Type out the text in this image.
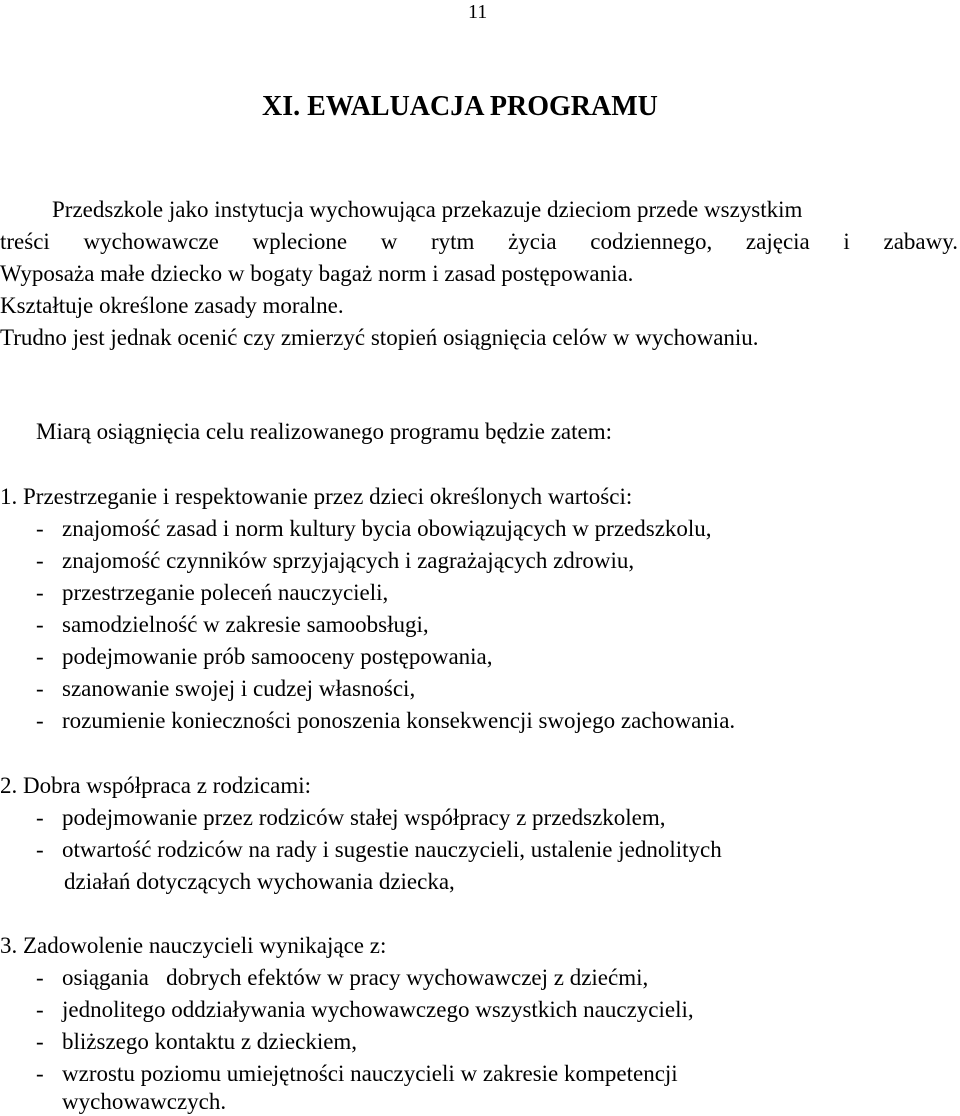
11
XI. EWALUACJA PROGRAMU
Przedszkole jako instytucja wychowująca przekazuje dzieciom przede wszystkim
treści wychowawcze wplecione w rytm życia codziennego, zajęcia i zabawy.
Wyposaża małe dziecko w bogaty bagaż norm i zasad postępowania.
Kształtuje określone zasady moralne.
Trudno jest jednak ocenić czy zmierzyć stopień osiągnięcia celów w wychowaniu.
Miarą osiągnięcia celu realizowanego programu będzie zatem:
1. Przestrzeganie i respektowanie przez dzieci określonych wartości:
- znajomość zasad i norm kultury bycia obowiązujących w przedszkolu,
- znajomość czynników sprzyjających i zagrażających zdrowiu,
- przestrzeganie poleceń nauczycieli,
- samodzielność w zakresie samoobsługi,
- podejmowanie prób samooceny postępowania,
- szanowanie swojej i cudzej własności,
- rozumienie konieczności ponoszenia konsekwencji swojego zachowania.
2. Dobra współpraca z rodzicami:
- podejmowanie przez rodziców stałej współpracy z przedszkolem,
- otwartość rodziców na rady i sugestie nauczycieli, ustalenie jednolitych
działań dotyczących wychowania dziecka,
3. Zadowolenie nauczycieli wynikające z:
- osiągania   dobrych efektów w pracy wychowawczej z dziećmi,
- jednolitego oddziaływania wychowawczego wszystkich nauczycieli,
- bliższego kontaktu z dzieckiem,
- wzrostu poziomu umiejętności nauczycieli w zakresie kompetencji
wychowawczych.
